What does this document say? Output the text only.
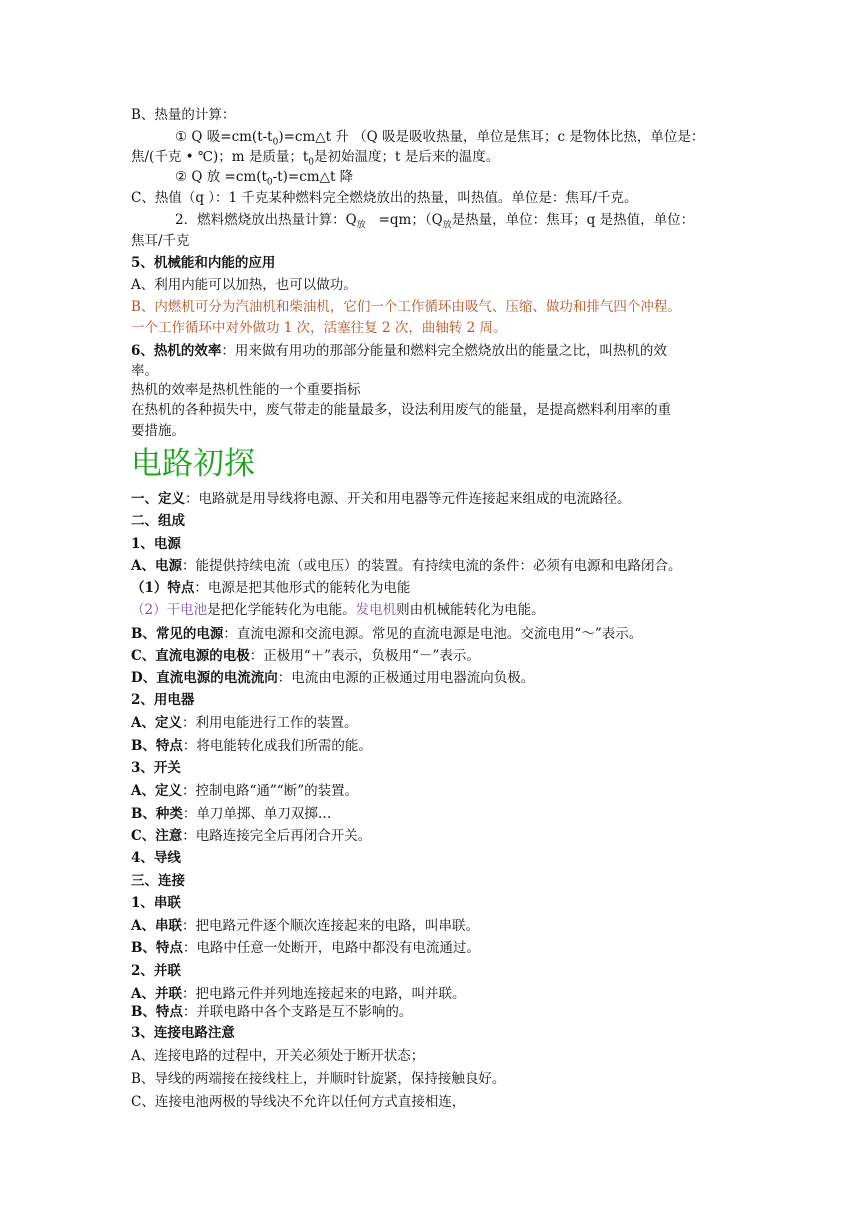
B、热量的计算：
① Q 吸$=cm(t-t_0)=cm\triangle t$ 升 （Q 吸是吸收热量，单位是焦耳；c 是物体比热，单位是：
焦/(千克 • ℃)；m 是质量；$t_0$是初始温度；t 是后来的温度。
② Q 放 $=cm(t_0-t)=cm\triangle t$ 降
C、热值（q ）：1 千克某种燃料完全燃烧放出的热量，叫热值。单位是：焦耳/千克。
2．燃料燃烧放出热量计算：$Q_放 =qm$；（$Q_放$是热量，单位：焦耳；q 是热值，单位：
焦耳/千克
5、机械能和内能的应用
A、利用内能可以加热，也可以做功。
B、内燃机可分为汽油机和柴油机，它们一个工作循环由吸气、压缩、做功和排气四个冲程。
一个工作循环中对外做功 1 次，活塞往复 2 次，曲轴转 2 周。
6、热机的效率：用来做有用功的那部分能量和燃料完全燃烧放出的能量之比，叫热机的效
率。
热机的效率是热机性能的一个重要指标
在热机的各种损失中，废气带走的能量最多，设法利用废气的能量，是提高燃料利用率的重
要措施。
电路初探
一、定义：电路就是用导线将电源、开关和用电器等元件连接起来组成的电流路径。
二、组成
1、电源
A、电源：能提供持续电流（或电压）的装置。有持续电流的条件：必须有电源和电路闭合。
（1）特点：电源是把其他形式的能转化为电能
（2）干电池是把化学能转化为电能。发电机则由机械能转化为电能。
B、常见的电源：直流电源和交流电源。常见的直流电源是电池。交流电用“～”表示。
C、直流电源的电极：正极用“＋”表示，负极用“－”表示。
D、直流电源的电流流向：电流由电源的正极通过用电器流向负极。
2、用电器
A、定义：利用电能进行工作的装置。
B、特点：将电能转化成我们所需的能。
3、开关
A、定义：控制电路“通”“断”的装置。
B、种类：单刀单掷、单刀双掷…
C、注意：电路连接完全后再闭合开关。
4、导线
三、连接
1、串联
A、串联：把电路元件逐个顺次连接起来的电路，叫串联。
B、特点：电路中任意一处断开，电路中都没有电流通过。
2、并联
A、并联：把电路元件并列地连接起来的电路，叫并联。
B、特点：并联电路中各个支路是互不影响的。
3、连接电路注意
A、连接电路的过程中，开关必须处于断开状态；
B、导线的两端接在接线柱上，并顺时针旋紧，保持接触良好。
C、连接电池两极的导线决不允许以任何方式直接相连，
